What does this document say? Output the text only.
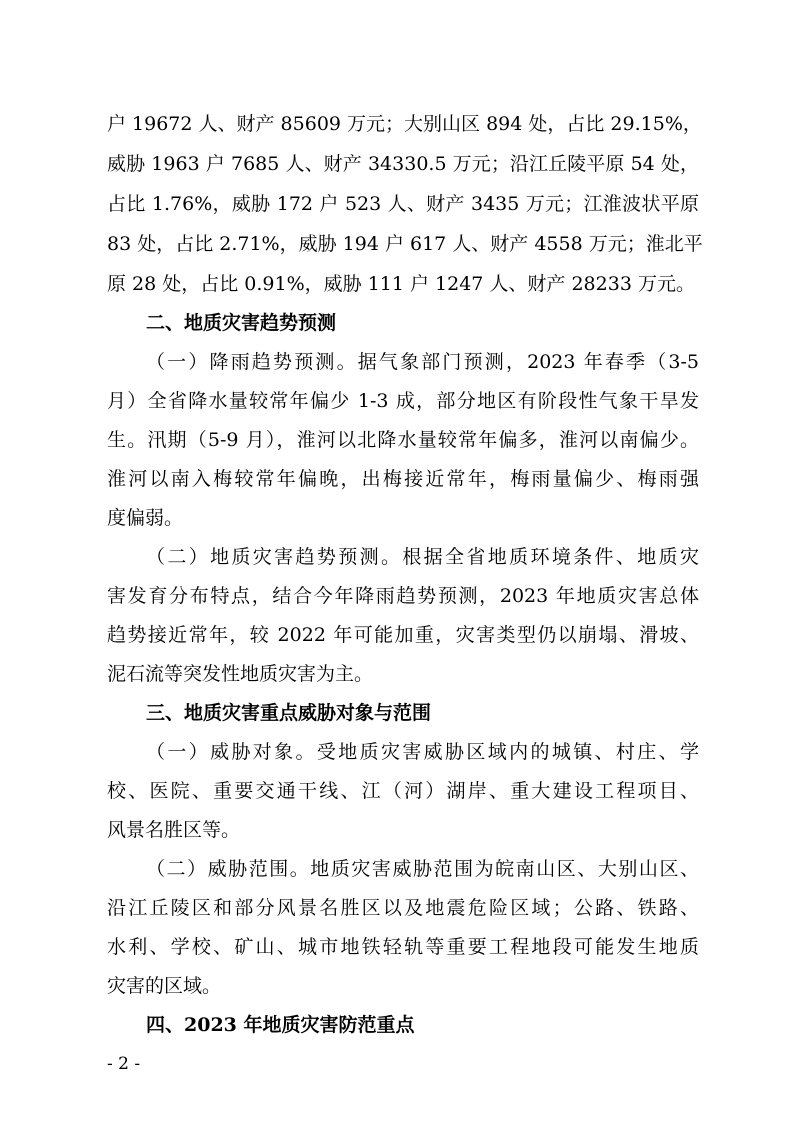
户 19672 人、财产 85609 万元；大别山区 894 处，占比 29.15%，
威胁 1963 户 7685 人、财产 34330.5 万元；沿江丘陵平原 54 处，
占比 1.76%，威胁 172 户 523 人、财产 3435 万元；江淮波状平原
83 处，占比 2.71%，威胁 194 户 617 人、财产 4558 万元；淮北平
原 28 处，占比 0.91%，威胁 111 户 1247 人、财产 28233 万元。
二、地质灾害趋势预测
（一）降雨趋势预测。据气象部门预测，2023 年春季（3-5
月）全省降水量较常年偏少 1-3 成，部分地区有阶段性气象干旱发
生。汛期（5-9 月），淮河以北降水量较常年偏多，淮河以南偏少。
淮河以南入梅较常年偏晚，出梅接近常年，梅雨量偏少、梅雨强
度偏弱。
（二）地质灾害趋势预测。根据全省地质环境条件、地质灾
害发育分布特点，结合今年降雨趋势预测，2023 年地质灾害总体
趋势接近常年，较 2022 年可能加重，灾害类型仍以崩塌、滑坡、
泥石流等突发性地质灾害为主。
三、地质灾害重点威胁对象与范围
（一）威胁对象。受地质灾害威胁区域内的城镇、村庄、学
校、医院、重要交通干线、江（河）湖岸、重大建设工程项目、
风景名胜区等。
（二）威胁范围。地质灾害威胁范围为皖南山区、大别山区、
沿江丘陵区和部分风景名胜区以及地震危险区域；公路、铁路、
水利、学校、矿山、城市地铁轻轨等重要工程地段可能发生地质
灾害的区域。
四、2023 年地质灾害防范重点
- 2 -
